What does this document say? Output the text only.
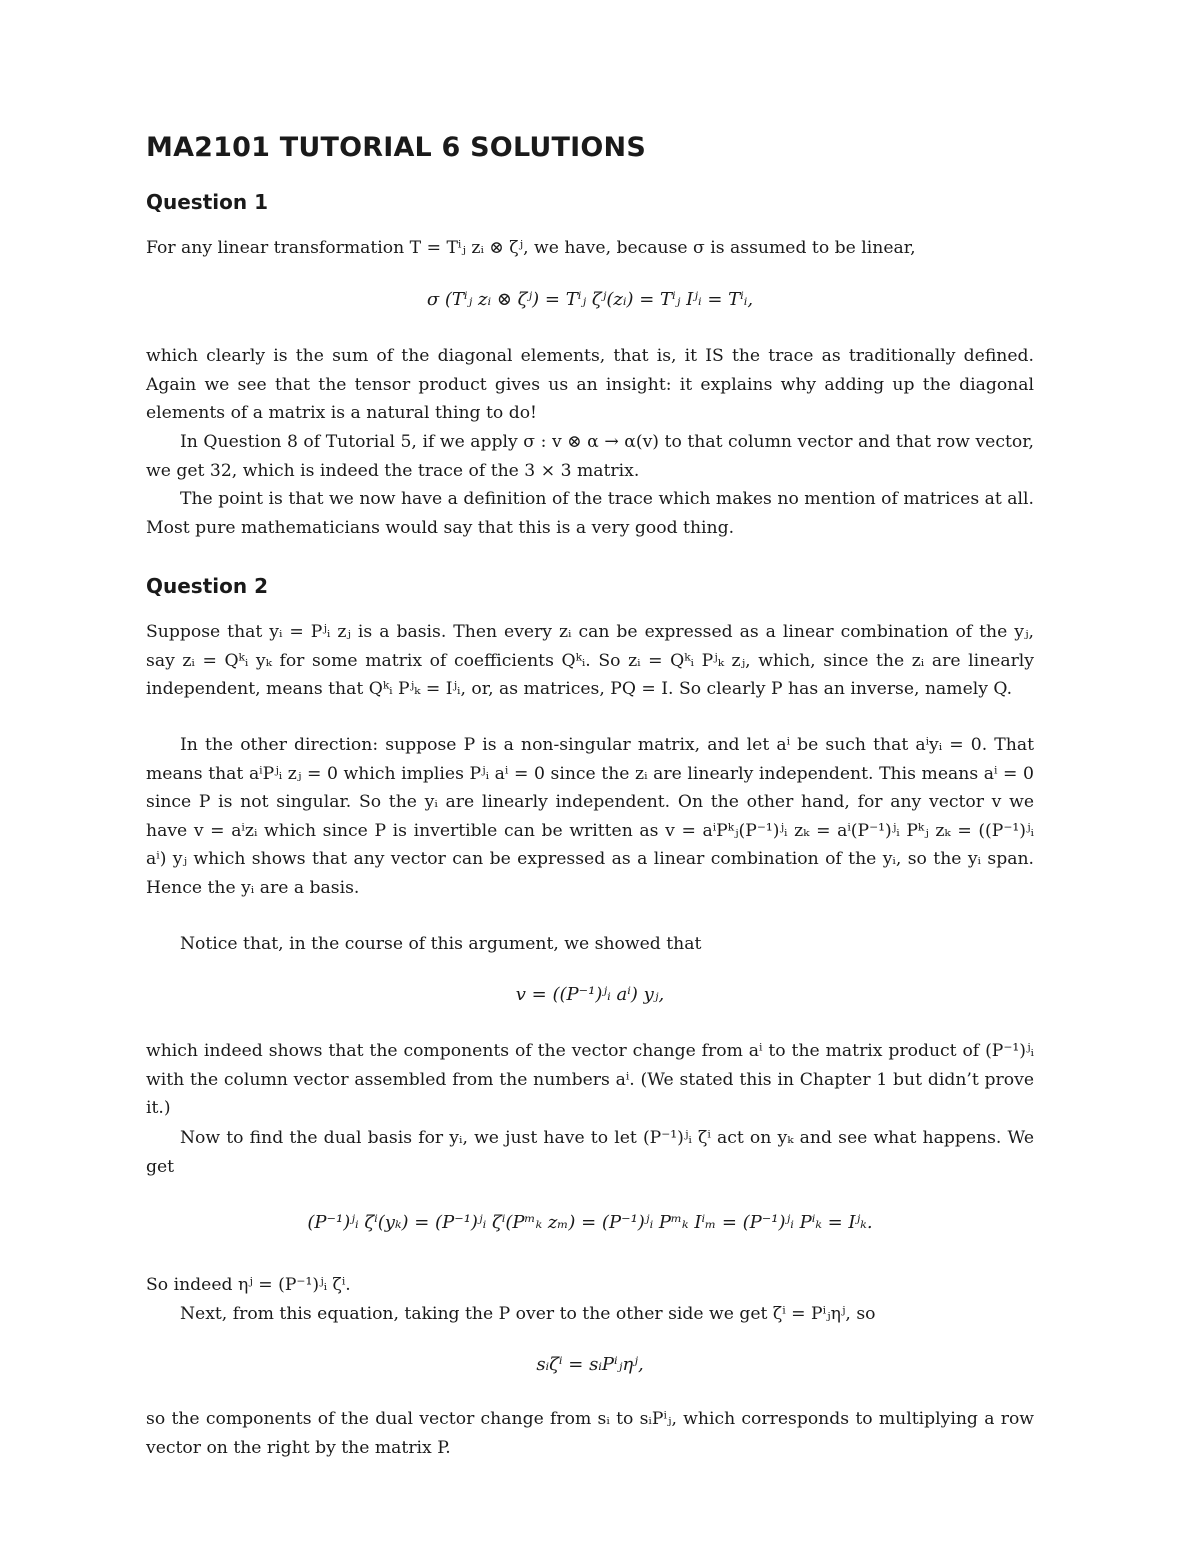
MA2101 TUTORIAL 6 SOLUTIONS
Question 1

For any linear transformation T = Tⁱⱼ zᵢ ⊗ ζʲ, we have, because σ is assumed to be linear,

σ (Tⁱⱼ zᵢ ⊗ ζʲ) = Tⁱⱼ ζʲ(zᵢ) = Tⁱⱼ Iʲᵢ = Tⁱᵢ,

which clearly is the sum of the diagonal elements, that is, it IS the trace as traditionally defined. Again we see that the tensor product gives us an insight: it explains why adding up the diagonal elements of a matrix is a natural thing to do!

In Question 8 of Tutorial 5, if we apply σ : v ⊗ α → α(v) to that column vector and that row vector, we get 32, which is indeed the trace of the 3 × 3 matrix.

The point is that we now have a definition of the trace which makes no mention of matrices at all. Most pure mathematicians would say that this is a very good thing.

Question 2

Suppose that yᵢ = Pʲᵢ zⱼ is a basis. Then every zᵢ can be expressed as a linear combination of the yⱼ, say zᵢ = Qᵏᵢ yₖ for some matrix of coefficients Qᵏᵢ. So zᵢ = Qᵏᵢ Pʲₖ zⱼ, which, since the zᵢ are linearly independent, means that Qᵏᵢ Pʲₖ = Iʲᵢ, or, as matrices, PQ = I. So clearly P has an inverse, namely Q.

In the other direction: suppose P is a non-singular matrix, and let aⁱ be such that aⁱyᵢ = 0. That means that aⁱPʲᵢ zⱼ = 0 which implies Pʲᵢ aⁱ = 0 since the zᵢ are linearly independent. This means aⁱ = 0 since P is not singular. So the yᵢ are linearly independent. On the other hand, for any vector v we have v = aⁱzᵢ which since P is invertible can be written as v = aⁱPᵏⱼ(P⁻¹)ʲᵢ zₖ = aⁱ(P⁻¹)ʲᵢ Pᵏⱼ zₖ = ((P⁻¹)ʲᵢ aⁱ) yⱼ which shows that any vector can be expressed as a linear combination of the yᵢ, so the yᵢ span. Hence the yᵢ are a basis.

Notice that, in the course of this argument, we showed that

v = ((P⁻¹)ʲᵢ aⁱ) yⱼ,

which indeed shows that the components of the vector change from aⁱ to the matrix product of (P⁻¹)ʲᵢ with the column vector assembled from the numbers aⁱ. (We stated this in Chapter 1 but didn’t prove it.)

Now to find the dual basis for yᵢ, we just have to let (P⁻¹)ʲᵢ ζⁱ act on yₖ and see what happens. We get

(P⁻¹)ʲᵢ ζⁱ(yₖ) = (P⁻¹)ʲᵢ ζⁱ(Pᵐₖ zₘ) = (P⁻¹)ʲᵢ Pᵐₖ Iⁱₘ = (P⁻¹)ʲᵢ Pⁱₖ = Iʲₖ.

So indeed ηʲ = (P⁻¹)ʲᵢ ζⁱ.

Next, from this equation, taking the P over to the other side we get ζⁱ = Pⁱⱼηʲ, so

sᵢζⁱ = sᵢPⁱⱼηʲ,

so the components of the dual vector change from sᵢ to sᵢPⁱⱼ, which corresponds to multiplying a row vector on the right by the matrix P.
